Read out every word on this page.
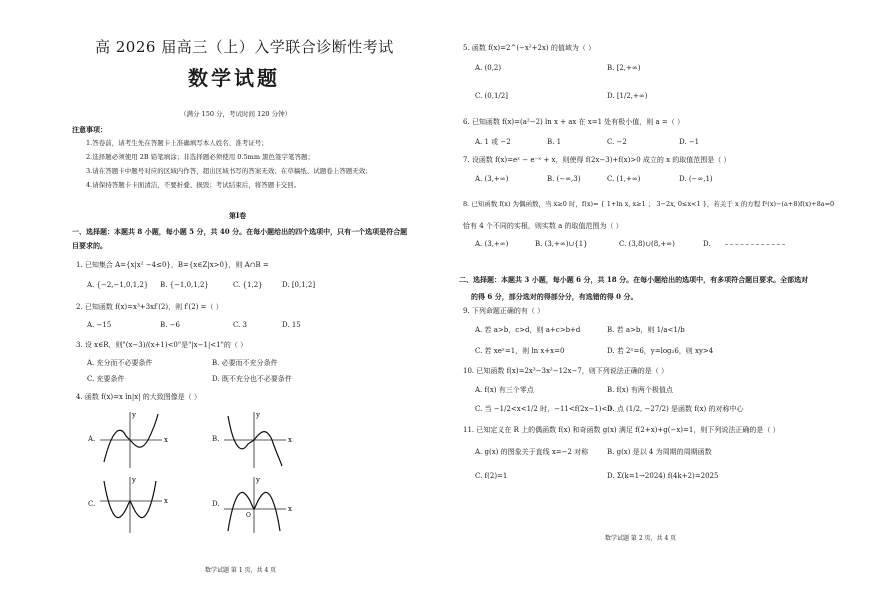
高 2026 届高三（上）入学联合诊断性考试
数学试题
（满分 150 分，考试时间 120 分钟）
注意事项：
1.答卷前，请考生先在答题卡上准确填写本人姓名、准考证号；
2.选择题必须使用 2B 铅笔填涂；非选择题必须使用 0.5mm 黑色签字笔答题；
3.请在答题卡中题号对应的区域内作答，超出区域书写的答案无效；在草稿纸、试题卷上答题无效；
4.请保持答题卡卡面清洁，不要折叠、损毁；考试结束后，将答题卡交回。
第Ⅰ卷
一、选择题：本题共 8 小题，每小题 5 分，共 40 分。在每小题给出的四个选项中，只有一个选项是符合题
目要求的。
1. 已知集合 A={x|x² −4≤0}，B={x∈Z|x>0}，则 A∩B =
A. {−2,−1,0,1,2} B. {−1,0,1,2}	C. {1,2}	D. [0,1,2]
2. 已知函数 f(x)=x³+3xf′(2)，则 f′(2) =（ ）
A. −15	B. −6	C. 3	D. 15
3. 设 x∈R，则"(x−3)/(x+1)<0"是"|x−1|<1"的（ ）
A. 充分而不必要条件	B. 必要而不充分条件
C. 充要条件	D. 既不充分也不必要条件
4. 函数 f(x)=x ln|x| 的大致图像是（ ）
A.	x
y
B.	x
y
C.	x
y
D.
x
y
O
数学试题 第 1 页，共 4 页
5. 函数 f(x)=2^(−x²+2x) 的值域为（ ）
A. (0,2)	B. [2,+∞)
C. (0,1/2]	D. [1/2,+∞)
6. 已知函数 f(x)=(a²−2) ln x + ax 在 x=1 处有极小值，则 a =（ ）
A. 1 或 −2	B. 1	C. −2	D. −1
7. 设函数 f(x)=eˣ − e⁻ˣ + x，则使得 f(2x−3)+f(x)>0 成立的 x 的取值范围是（ ）
A. (3,+∞)	B. (−∞,3)	C. (1,+∞)	D. (−∞,1)
8. 已知函数 f(x) 为偶函数，当 x≥0 时，f(x)= { 1+ln x, x≥1 ； 3−2x, 0≤x<1 }，若关于 x 的方程 f²(x)−(a+8)f(x)+8a=0
恰有 4 个不同的实根，则实数 a 的取值范围为（ ）
A. (3,+∞)	B. (3,+∞)∪{1}	C. (3,8)∪(8,+∞)	D.
二、选择题：本题共 3 小题，每小题 6 分，共 18 分。在每小题给出的选项中，有多项符合题目要求。全部选对
的得 6 分，部分选对的得部分分，有选错的得 0 分。
9. 下列命题正确的有（ ）
A. 若 a>b，c>d，则 a+c>b+d	B. 若 a>b，则 1/a<1/b
C. 若 xeˣ=1，则 ln x+x=0	D. 若 2ˣ=6，y=log₃6，则 xy>4
10. 已知函数 f(x)=2x³−3x²−12x−7，则下列说法正确的是（ ）
A. f(x) 有三个零点	B. f(x) 有两个极值点
C. 当 −1/2<x<1/2 时，−11<f(2x−1)<0
D. 点 (1/2, −27/2) 是函数 f(x) 的对称中心
11. 已知定义在 R 上的偶函数 f(x) 和奇函数 g(x) 满足 f(2+x)+g(−x)=1，则下列说法正确的是（ ）
A. g(x) 的图象关于直线 x=−2 对称	B. g(x) 是以 4 为周期的周期函数
C. f(2)=1	D. Σ(k=1→2024) f(4k+2)=2025
数学试题 第 2 页，共 4 页
